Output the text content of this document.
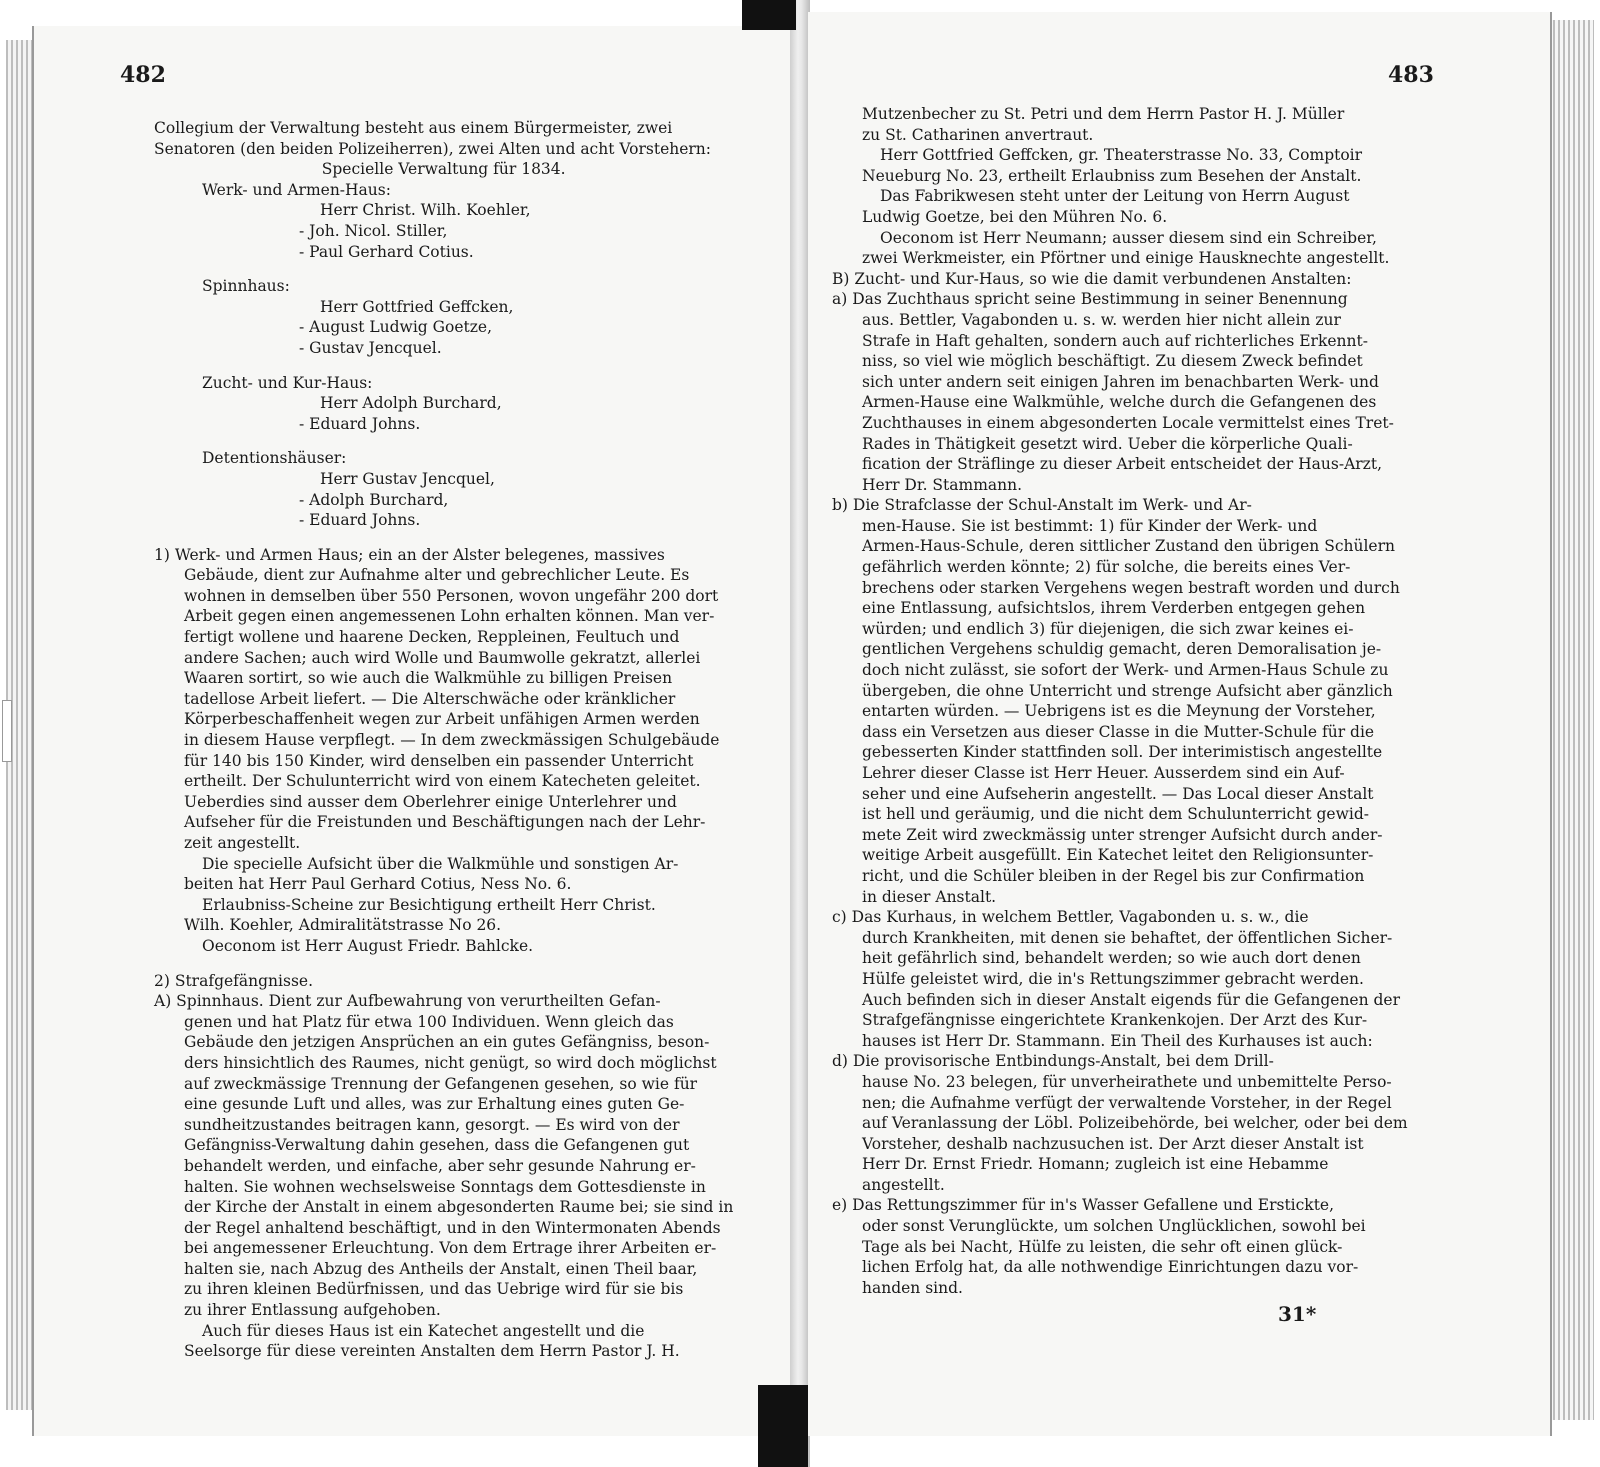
482
Collegium der Verwaltung besteht aus einem Bürgermeister, zwei
Senatoren (den beiden Polizeiherren), zwei Alten und acht Vorstehern:
Specielle Verwaltung für 1834.
Werk- und Armen-Haus:
Herr Christ. Wilh. Koehler,
- Joh. Nicol. Stiller,
- Paul Gerhard Cotius.
Spinnhaus:
Herr Gottfried Geffcken,
- August Ludwig Goetze,
- Gustav Jencquel.
Zucht- und Kur-Haus:
Herr Adolph Burchard,
- Eduard Johns.
Detentionshäuser:
Herr Gustav Jencquel,
- Adolph Burchard,
- Eduard Johns.
1) Werk- und Armen Haus; ein an der Alster belegenes, massives
Gebäude, dient zur Aufnahme alter und gebrechlicher Leute. Es
wohnen in demselben über 550 Personen, wovon ungefähr 200 dort
Arbeit gegen einen angemessenen Lohn erhalten können. Man ver-
fertigt wollene und haarene Decken, Reppleinen, Feultuch und
andere Sachen; auch wird Wolle und Baumwolle gekratzt, allerlei
Waaren sortirt, so wie auch die Walkmühle zu billigen Preisen
tadellose Arbeit liefert. — Die Alterschwäche oder kränklicher
Körperbeschaffenheit wegen zur Arbeit unfähigen Armen werden
in diesem Hause verpflegt. — In dem zweckmässigen Schulgebäude
für 140 bis 150 Kinder, wird denselben ein passender Unterricht
ertheilt. Der Schulunterricht wird von einem Katecheten geleitet.
Ueberdies sind ausser dem Oberlehrer einige Unterlehrer und
Aufseher für die Freistunden und Beschäftigungen nach der Lehr-
zeit angestellt.
Die specielle Aufsicht über die Walkmühle und sonstigen Ar-
beiten hat Herr Paul Gerhard Cotius, Ness No. 6.
Erlaubniss-Scheine zur Besichtigung ertheilt Herr Christ.
Wilh. Koehler, Admiralitätstrasse No 26.
Oeconom ist Herr August Friedr. Bahlcke.
2) Strafgefängnisse.
A) Spinnhaus. Dient zur Aufbewahrung von verurtheilten Gefan-
genen und hat Platz für etwa 100 Individuen. Wenn gleich das
Gebäude den jetzigen Ansprüchen an ein gutes Gefängniss, beson-
ders hinsichtlich des Raumes, nicht genügt, so wird doch möglichst
auf zweckmässige Trennung der Gefangenen gesehen, so wie für
eine gesunde Luft und alles, was zur Erhaltung eines guten Ge-
sundheitzustandes beitragen kann, gesorgt. — Es wird von der
Gefängniss-Verwaltung dahin gesehen, dass die Gefangenen gut
behandelt werden, und einfache, aber sehr gesunde Nahrung er-
halten. Sie wohnen wechselsweise Sonntags dem Gottesdienste in
der Kirche der Anstalt in einem abgesonderten Raume bei; sie sind in
der Regel anhaltend beschäftigt, und in den Wintermonaten Abends
bei angemessener Erleuchtung. Von dem Ertrage ihrer Arbeiten er-
halten sie, nach Abzug des Antheils der Anstalt, einen Theil baar,
zu ihren kleinen Bedürfnissen, und das Uebrige wird für sie bis
zu ihrer Entlassung aufgehoben.
Auch für dieses Haus ist ein Katechet angestellt und die
Seelsorge für diese vereinten Anstalten dem Herrn Pastor J. H.
483
Mutzenbecher zu St. Petri und dem Herrn Pastor H. J. Müller
zu St. Catharinen anvertraut.
Herr Gottfried Geffcken, gr. Theaterstrasse No. 33, Comptoir
Neueburg No. 23, ertheilt Erlaubniss zum Besehen der Anstalt.
Das Fabrikwesen steht unter der Leitung von Herrn August
Ludwig Goetze, bei den Mühren No. 6.
Oeconom ist Herr Neumann; ausser diesem sind ein Schreiber,
zwei Werkmeister, ein Pförtner und einige Hausknechte angestellt.
B) Zucht- und Kur-Haus, so wie die damit verbundenen Anstalten:
a) Das Zuchthaus spricht seine Bestimmung in seiner Benennung
aus. Bettler, Vagabonden u. s. w. werden hier nicht allein zur
Strafe in Haft gehalten, sondern auch auf richterliches Erkennt-
niss, so viel wie möglich beschäftigt. Zu diesem Zweck befindet
sich unter andern seit einigen Jahren im benachbarten Werk- und
Armen-Hause eine Walkmühle, welche durch die Gefangenen des
Zuchthauses in einem abgesonderten Locale vermittelst eines Tret-
Rades in Thätigkeit gesetzt wird. Ueber die körperliche Quali-
fication der Sträflinge zu dieser Arbeit entscheidet der Haus-Arzt,
Herr Dr. Stammann.
b) Die Strafclasse der Schul-Anstalt im Werk- und Ar-
men-Hause. Sie ist bestimmt: 1) für Kinder der Werk- und
Armen-Haus-Schule, deren sittlicher Zustand den übrigen Schülern
gefährlich werden könnte; 2) für solche, die bereits eines Ver-
brechens oder starken Vergehens wegen bestraft worden und durch
eine Entlassung, aufsichtslos, ihrem Verderben entgegen gehen
würden; und endlich 3) für diejenigen, die sich zwar keines ei-
gentlichen Vergehens schuldig gemacht, deren Demoralisation je-
doch nicht zulässt, sie sofort der Werk- und Armen-Haus Schule zu
übergeben, die ohne Unterricht und strenge Aufsicht aber gänzlich
entarten würden. — Uebrigens ist es die Meynung der Vorsteher,
dass ein Versetzen aus dieser Classe in die Mutter-Schule für die
gebesserten Kinder stattfinden soll. Der interimistisch angestellte
Lehrer dieser Classe ist Herr Heuer. Ausserdem sind ein Auf-
seher und eine Aufseherin angestellt. — Das Local dieser Anstalt
ist hell und geräumig, und die nicht dem Schulunterricht gewid-
mete Zeit wird zweckmässig unter strenger Aufsicht durch ander-
weitige Arbeit ausgefüllt. Ein Katechet leitet den Religionsunter-
richt, und die Schüler bleiben in der Regel bis zur Confirmation
in dieser Anstalt.
c) Das Kurhaus, in welchem Bettler, Vagabonden u. s. w., die
durch Krankheiten, mit denen sie behaftet, der öffentlichen Sicher-
heit gefährlich sind, behandelt werden; so wie auch dort denen
Hülfe geleistet wird, die in's Rettungszimmer gebracht werden.
Auch befinden sich in dieser Anstalt eigends für die Gefangenen der
Strafgefängnisse eingerichtete Krankenkojen. Der Arzt des Kur-
hauses ist Herr Dr. Stammann. Ein Theil des Kurhauses ist auch:
d) Die provisorische Entbindungs-Anstalt, bei dem Drill-
hause No. 23 belegen, für unverheirathete und unbemittelte Perso-
nen; die Aufnahme verfügt der verwaltende Vorsteher, in der Regel
auf Veranlassung der Löbl. Polizeibehörde, bei welcher, oder bei dem
Vorsteher, deshalb nachzusuchen ist. Der Arzt dieser Anstalt ist
Herr Dr. Ernst Friedr. Homann; zugleich ist eine Hebamme
angestellt.
e) Das Rettungszimmer für in's Wasser Gefallene und Erstickte,
oder sonst Verunglückte, um solchen Unglücklichen, sowohl bei
Tage als bei Nacht, Hülfe zu leisten, die sehr oft einen glück-
lichen Erfolg hat, da alle nothwendige Einrichtungen dazu vor-
handen sind.
31*
